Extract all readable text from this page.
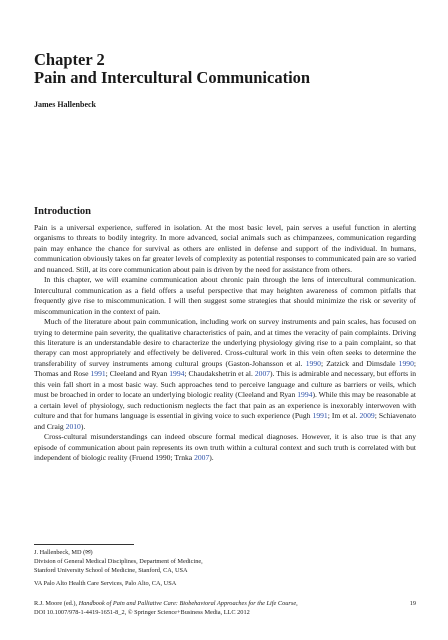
Chapter 2
Pain and Intercultural Communication
James Hallenbeck
Introduction

Pain is a universal experience, suffered in isolation. At the most basic level, pain serves a useful function in alerting organisms to threats to bodily integrity. In more advanced, social animals such as chimpanzees, communication regarding pain may enhance the chance for survival as others are enlisted in defense and support of the individual. In humans, communication obviously takes on far greater levels of complexity as potential responses to communicated pain are so varied and nuanced. Still, at its core communication about pain is driven by the need for assistance from others.

In this chapter, we will examine communication about chronic pain through the lens of intercultural communication. Intercultural communication as a field offers a useful perspective that may heighten awareness of common pitfalls that frequently give rise to miscommunication. I will then suggest some strategies that should minimize the risk or severity of miscommunication in the context of pain.

Much of the literature about pain communication, including work on survey instruments and pain scales, has focused on trying to determine pain severity, the qualitative characteristics of pain, and at times the veracity of pain complaints. Driving this literature is an understandable desire to characterize the underlying physiology giving rise to a pain complaint, so that therapy can most appropriately and effectively be delivered. Cross-cultural work in this vein often seeks to determine the transferability of survey instruments among cultural groups (Gaston-Johansson et al. 1990; Zatzick and Dimsdale 1990; Thomas and Rose 1991; Cleeland and Ryan 1994; Chaudakshetrin et al. 2007). This is admirable and necessary, but efforts in this vein fall short in a most basic way. Such approaches tend to perceive language and culture as barriers or veils, which must be broached in order to locate an underlying biologic reality (Cleeland and Ryan 1994). While this may be reasonable at a certain level of physiology, such reductionism neglects the fact that pain as an experience is inexorably interwoven with culture and that for humans language is essential in giving voice to such experience (Pugh 1991; Im et al. 2009; Schiavenato and Craig 2010).

Cross-cultural misunderstandings can indeed obscure formal medical diagnoses. However, it is also true is that any episode of communication about pain represents its own truth within a cultural context and such truth is correlated with but independent of biologic reality (Fruend 1990; Trnka 2007).

J. Hallenbeck, MD (✉)
Division of General Medical Disciplines, Department of Medicine,
Stanford University School of Medicine, Stanford, CA, USA
VA Palo Alto Health Care Services, Palo Alto, CA, USA
R.J. Moore (ed.), Handbook of Pain and Palliative Care: Biobehavioral Approaches for the Life Course,
DOI 10.1007/978-1-4419-1651-8_2, © Springer Science+Business Media, LLC 2012
19
